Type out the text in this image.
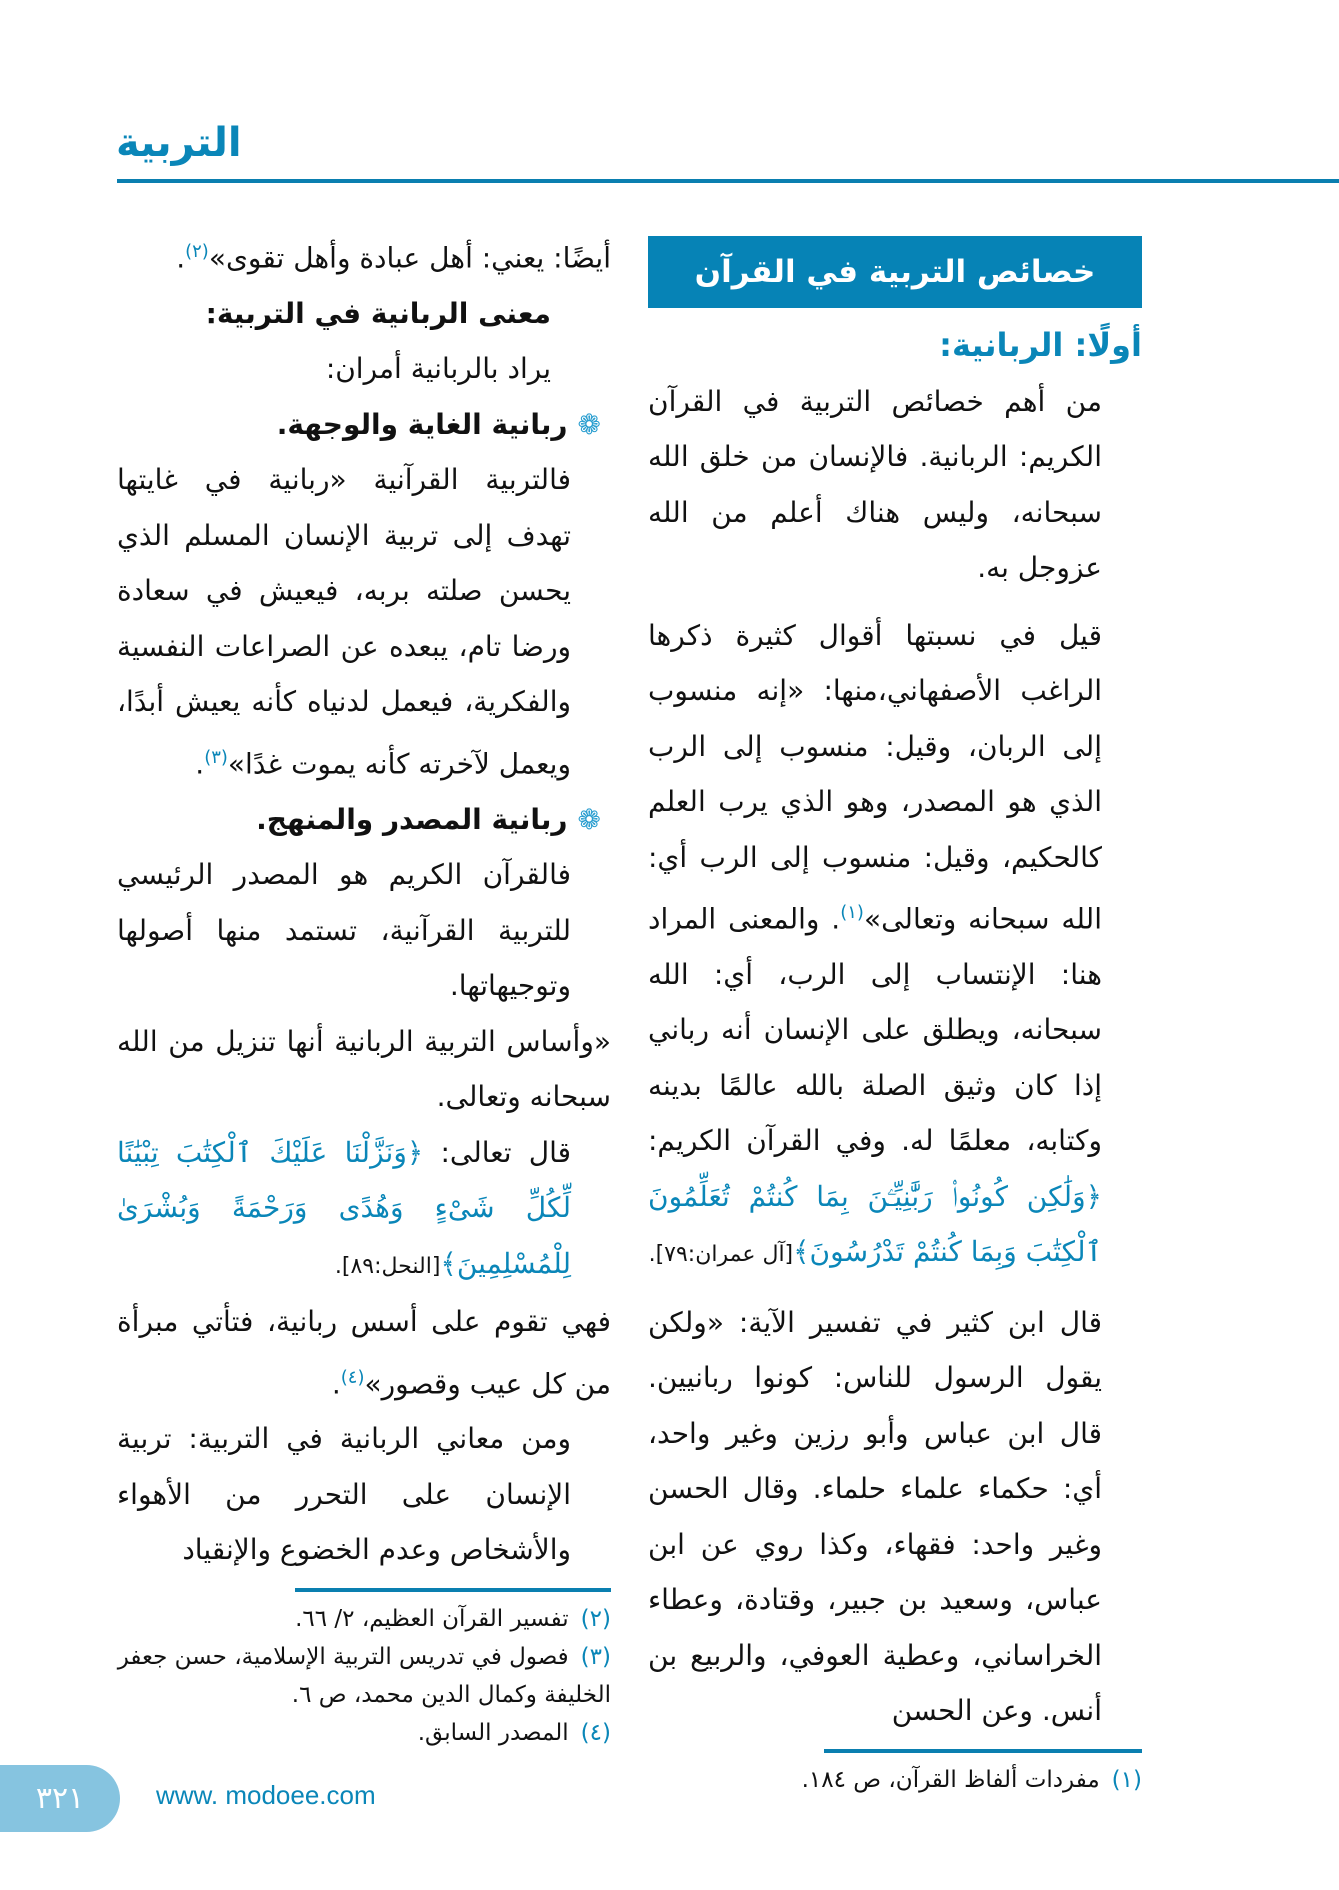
التربية
خصائص التربية في القرآن

أولًا: الربانية:

من أهم خصائص التربية في القرآن الكريم: الربانية. فالإنسان من خلق الله سبحانه، وليس هناك أعلم من الله عزوجل به.

قيل في نسبتها أقوال كثيرة ذكرها الراغب الأصفهاني،منها: «إنه منسوب إلى الربان، وقيل: منسوب إلى الرب الذي هو المصدر، وهو الذي يرب العلم كالحكيم، وقيل: منسوب إلى الرب أي: الله سبحانه وتعالى»$^{(١)}$. والمعنى المراد هنا: الإنتساب إلى الرب، أي: الله سبحانه، ويطلق على الإنسان أنه رباني إذا كان وثيق الصلة بالله عالمًا بدينه وكتابه، معلمًا له. وفي القرآن الكريم: ﴿وَلَٰكِن كُونُوا۟ رَبَّٰنِيِّـۧنَ بِمَا كُنتُمْ تُعَلِّمُونَ ٱلْكِتَٰبَ وَبِمَا كُنتُمْ تَدْرُسُونَ﴾[آل عمران:٧٩].

قال ابن كثير في تفسير الآية: «ولكن يقول الرسول للناس: كونوا ربانيين. قال ابن عباس وأبو رزين وغير واحد، أي: حكماء علماء حلماء. وقال الحسن وغير واحد: فقهاء، وكذا روي عن ابن عباس، وسعيد بن جبير، وقتادة، وعطاء الخراساني، وعطية العوفي، والربيع بن أنس. وعن الحسن

(١)مفردات ألفاظ القرآن، ص ١٨٤.

أيضًا: يعني: أهل عبادة وأهل تقوى»$^{(٢)}$.

معنى الربانية في التربية:

يراد بالربانية أمران:

❁ربانية الغاية والوجهة.

فالتربية القرآنية «ربانية في غايتها تهدف إلى تربية الإنسان المسلم الذي يحسن صلته بربه، فيعيش في سعادة ورضا تام، يبعده عن الصراعات النفسية والفكرية، فيعمل لدنياه كأنه يعيش أبدًا، ويعمل لآخرته كأنه يموت غدًا»$^{(٣)}$.

❁ربانية المصدر والمنهج.

فالقرآن الكريم هو المصدر الرئيسي للتربية القرآنية، تستمد منها أصولها وتوجيهاتها.

«وأساس التربية الربانية أنها تنزيل من الله سبحانه وتعالى.

قال تعالى: ﴿وَنَزَّلْنَا عَلَيْكَ ٱلْكِتَٰبَ تِبْيَٰنًا لِّكُلِّ شَىْءٍ وَهُدًى وَرَحْمَةً وَبُشْرَىٰ لِلْمُسْلِمِينَ﴾[النحل:٨٩].

فهي تقوم على أسس ربانية، فتأتي مبرأة من كل عيب وقصور»$^{(٤)}$.

ومن معاني الربانية في التربية: تربية الإنسان على التحرر من الأهواء والأشخاص وعدم الخضوع والإنقياد

(٢)تفسير القرآن العظيم، ٢/ ٦٦.
(٣)فصول في تدريس التربية الإسلامية، حسن جعفر الخليفة وكمال الدين محمد، ص ٦.
(٤)المصدر السابق.
٣٢١	www. modoee.com
